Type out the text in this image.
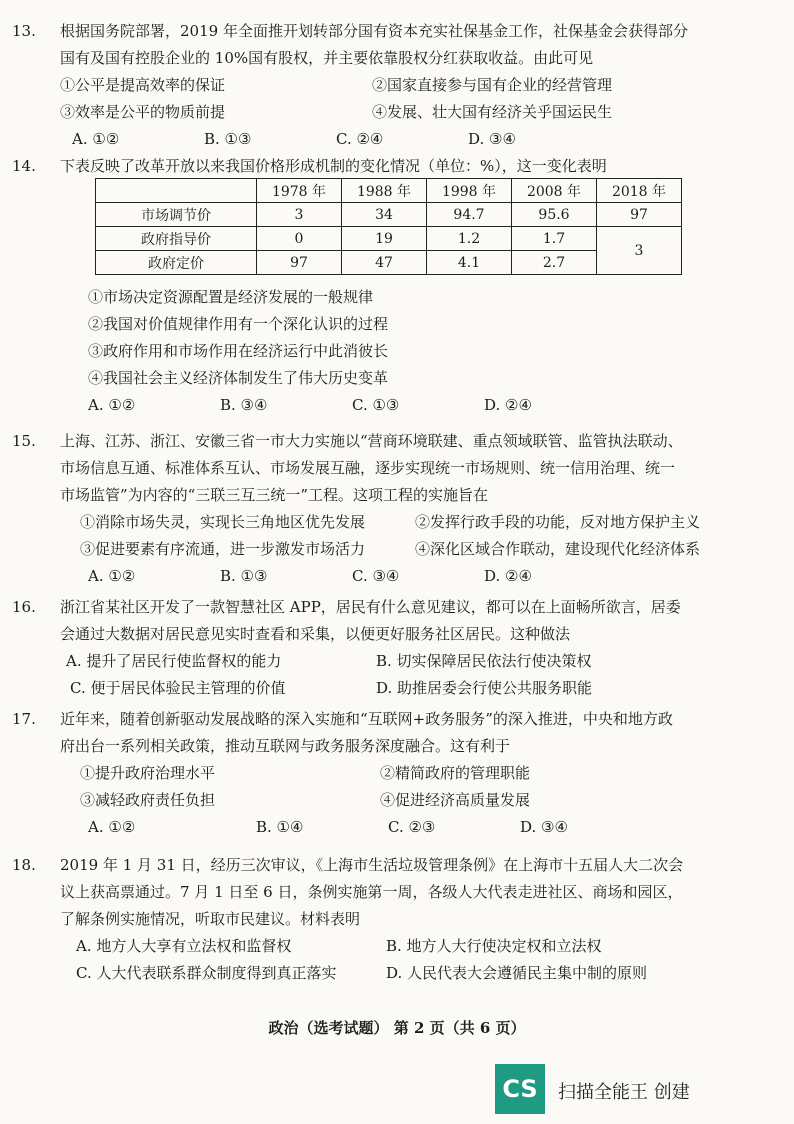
13.	根据国务院部署，2019 年全面推开划转部分国有资本充实社保基金工作，社保基金会获得部分
国有及国有控股企业的 10%国有股权，并主要依靠股权分红获取收益。由此可见
①公平是提高效率的保证	②国家直接参与国有企业的经营管理
③效率是公平的物质前提	④发展、壮大国有经济关乎国运民生
A. ①②	B. ①③	C. ②④	D. ③④
14.	下表反映了改革开放以来我国价格形成机制的变化情况（单位：%），这一变化表明
	1978 年	1988 年	1998 年	2008 年	2018 年
市场调节价	3	34	94.7	95.6	97
政府指导价	0	19	1.2	1.7	3
政府定价	97	47	4.1	2.7	
①市场决定资源配置是经济发展的一般规律
②我国对价值规律作用有一个深化认识的过程
③政府作用和市场作用在经济运行中此消彼长
④我国社会主义经济体制发生了伟大历史变革
A. ①②	B. ③④	C. ①③	D. ②④
15.	上海、江苏、浙江、安徽三省一市大力实施以“营商环境联建、重点领域联管、监管执法联动、
市场信息互通、标准体系互认、市场发展互融，逐步实现统一市场规则、统一信用治理、统一
市场监管”为内容的“三联三互三统一”工程。这项工程的实施旨在
①消除市场失灵，实现长三角地区优先发展	②发挥行政手段的功能，反对地方保护主义
③促进要素有序流通，进一步激发市场活力	④深化区域合作联动，建设现代化经济体系
A. ①②	B. ①③	C. ③④	D. ②④
16.	浙江省某社区开发了一款智慧社区 APP，居民有什么意见建议，都可以在上面畅所欲言，居委
会通过大数据对居民意见实时查看和采集，以便更好服务社区居民。这种做法
A. 提升了居民行使监督权的能力	B. 切实保障居民依法行使决策权
C. 便于居民体验民主管理的价值	D. 助推居委会行使公共服务职能
17.	近年来，随着创新驱动发展战略的深入实施和“互联网+政务服务”的深入推进，中央和地方政
府出台一系列相关政策，推动互联网与政务服务深度融合。这有利于
①提升政府治理水平	②精简政府的管理职能
③减轻政府责任负担	④促进经济高质量发展
A. ①②	B. ①④	C. ②③	D. ③④
18.	2019 年 1 月 31 日，经历三次审议，《上海市生活垃圾管理条例》在上海市十五届人大二次会
议上获高票通过。7 月 1 日至 6 日，条例实施第一周，各级人大代表走进社区、商场和园区，
了解条例实施情况，听取市民建议。材料表明
A. 地方人大享有立法权和监督权	B. 地方人大行使决定权和立法权
C. 人大代表联系群众制度得到真正落实	D. 人民代表大会遵循民主集中制的原则
政治（选考试题） 第 2 页（共 6 页）
CS	扫描全能王 创建
